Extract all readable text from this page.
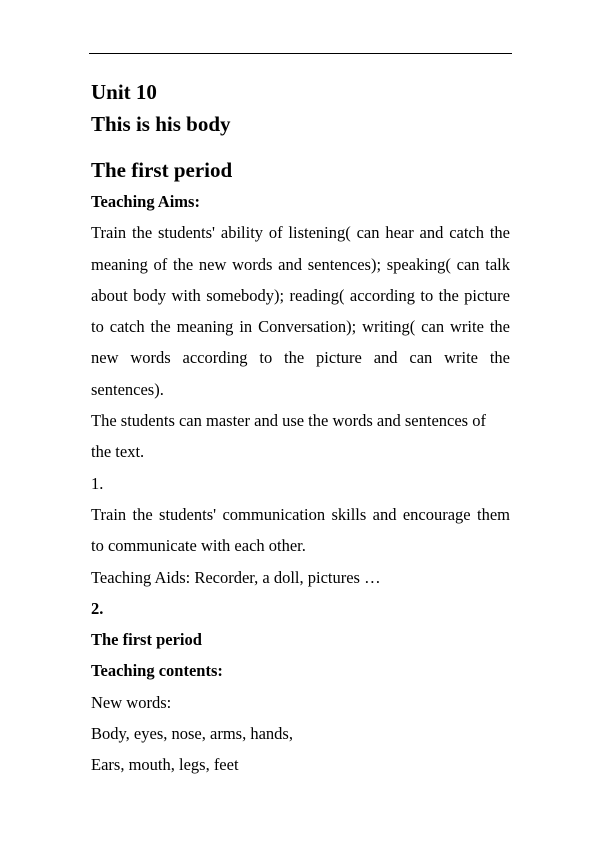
Unit 10

This is his body

The first period

Teaching Aims:

Train the students' ability of listening( can hear and catch the meaning of the new words and sentences); speaking( can talk about body with somebody); reading( according to the picture to catch the meaning in Conversation); writing( can write the new words according to the picture and can write the sentences).

The students can master and use the words and sentences of the text.

1.

Train the students' communication skills and encourage them to communicate with each other.

Teaching Aids: Recorder, a doll, pictures …

2.

The first period

Teaching contents:

New words:

Body, eyes, nose, arms, hands,

Ears, mouth, legs, feet
